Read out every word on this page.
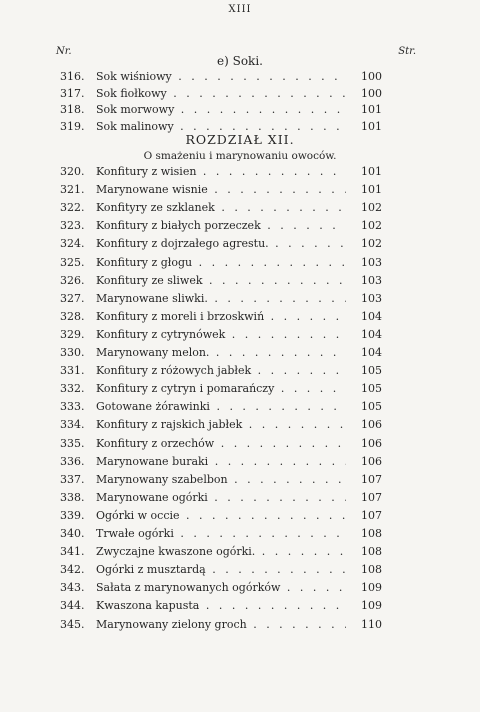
XIII
Nr.	Str.
e) Soki.
316.	Sok wiśniowy . . .	100
317.	Sok fiołkowy . . .	100
318.	Sok morwowy . . .	101
319.	Sok malinowy . . .	101
ROZDZIAŁ XII.
O smażeniu i marynowaniu owoców.
320.	Konfitury z wisien . . .	101
321.	Marynowane wisnie . . .	101
322.	Konfityry ze szklanek . . .	102
323.	Konfitury z białych porzeczek . . .	102
324.	Konfitury z dojrzałego agrestu. . . .	102
325.	Konfitury z głogu . . .	103
326.	Konfitury ze sliwek . . .	103
327.	Marynowane sliwki. . . .	103
328.	Konfitury z moreli i brzoskwiń . . .	104
329.	Konfitury z cytrynówek . . .	104
330.	Marynowany melon. . . .	104
331.	Konfitury z różowych jabłek . . .	105
332.	Konfitury z cytryn i pomarańczy . . .	105
333.	Gotowane żórawinki . . .	105
334.	Konfitury z rajskich jabłek . . .	106
335.	Konfitury z orzechów . . .	106
336.	Marynowane buraki . . .	106
337.	Marynowany szabelbon . . .	107
338.	Marynowane ogórki . . .	107
339.	Ogórki w occie . . .	107
340.	Trwałe ogórki . . .	108
341.	Zwyczajne kwaszone ogórki. . . .	108
342.	Ogórki z musztardą . . .	108
343.	Sałata z marynowanych ogórków . . .	109
344.	Kwaszona kapusta . . .	109
345.	Marynowany zielony groch . . .	110
